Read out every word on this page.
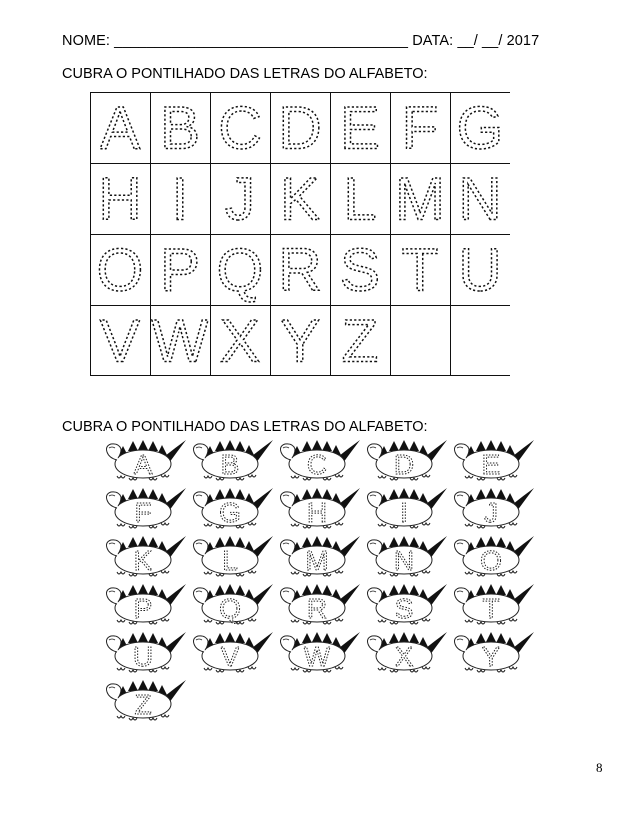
NOME: ____________________________________ DATA: __/ __/ 2017
CUBRA O PONTILHADO DAS LETRAS DO ALFABETO:
A B C D E F G
H I J K L M N
O P Q R S T U
V W X Y Z
CUBRA O PONTILHADO DAS LETRAS DO ALFABETO:
A B C D E
F G H	I	J
K L M N O
P Q R S T
U V W X Y
Z
8
